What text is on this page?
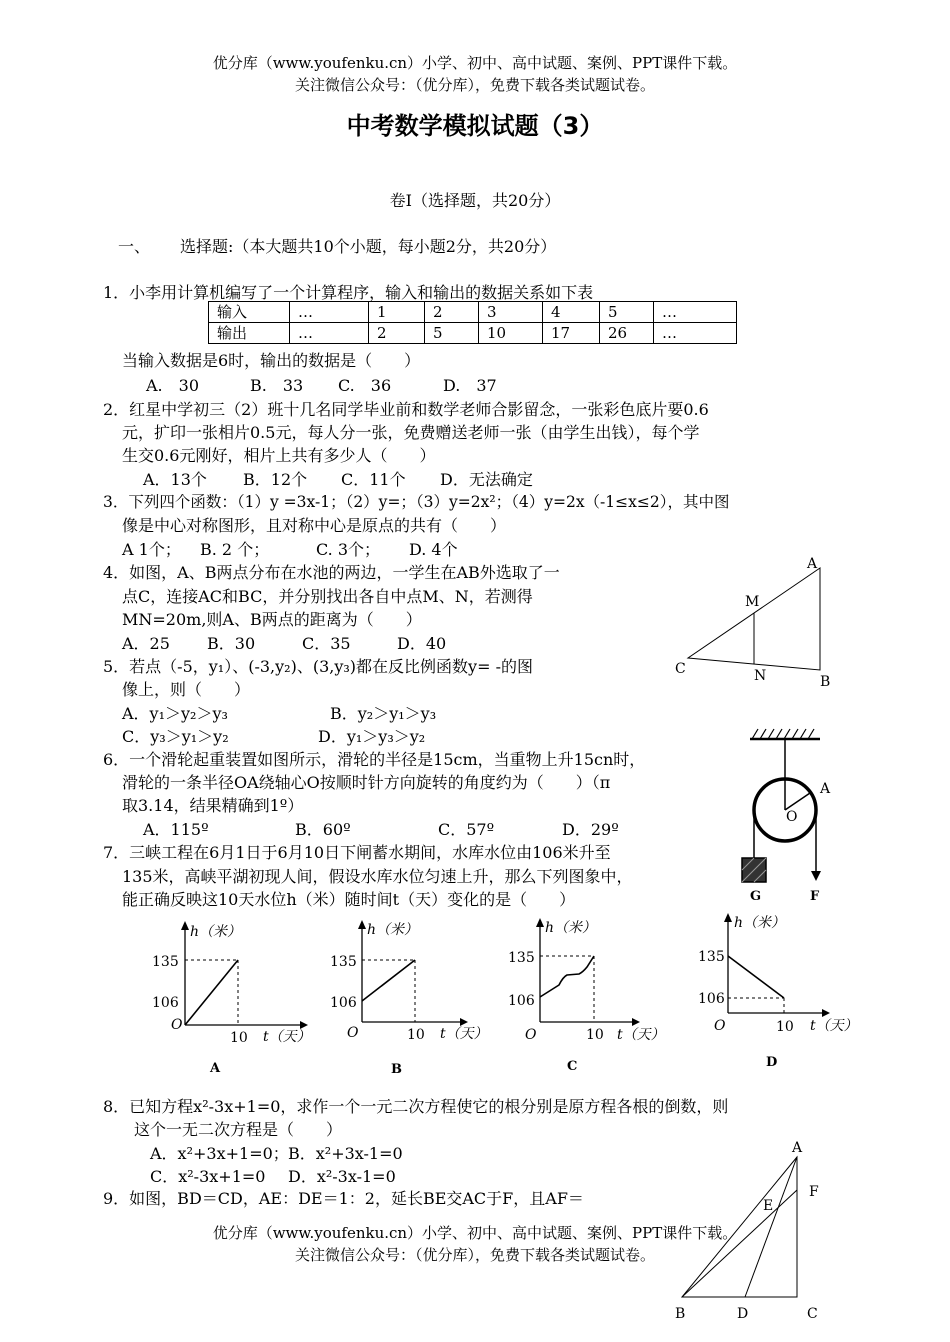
优分库（www.youfenku.cn）小学、初中、高中试题、案例、PPT课件下载。
关注微信公众号：（优分库），免费下载各类试题试卷。
中考数学模拟试题（3）
卷Ⅰ（选择题，共20分）
一、 选择题:（本大题共10个小题，每小题2分，共20分）
1．小李用计算机编写了一个计算程序，输入和输出的数据关系如下表
输入	…	1	2	3	4	5	…
输出	…	2	5	10	17	26	…
当输入数据是6时，输出的数据是（　　）
A.　30	B.　33 C.　36	D.　37
2．红星中学初三（2）班十几名同学毕业前和数学老师合影留念，一张彩色底片要0.6
元，扩印一张相片0.5元，每人分一张，免费赠送老师一张（由学生出钱），每个学
生交0.6元刚好，相片上共有多少人（　　）
A．13个 B．12个 C．11个 D．无法确定
3．下列四个函数：（1）y =3x-1；（2）y=；（3）y=2x²；（4）y=2x（-1≤x≤2），其中图
像是中心对称图形，且对称中心是原点的共有（　　）
A 1个； B. 2 个；	C. 3个； D. 4个
4．如图，A、B两点分布在水池的两边，一学生在AB外选取了一
点C，连接AC和BC，并分别找出各自中点M、N，若测得
MN=20m,则A、B两点的距离为（　　）
A．25 B．30	C．35	D．40
A
M
C	N	B
5．若点（-5，y₁）、(-3,y₂)、(3,y₃)都在反比例函数y= -的图
像上，则（　　）
A．y₁＞y₂＞y₃	B．y₂＞y₁＞y₃
C．y₃＞y₁＞y₂	D．y₁＞y₃＞y₂
6．一个滑轮起重装置如图所示，滑轮的半径是15cm，当重物上升15cn时，
滑轮的一条半径OA绕轴心O按顺时针方向旋转的角度约为（　　）（π
取3.14，结果精确到1º）
A．115º	B．60º	C．57º	D．29º
O
A
G	F
7．三峡工程在6月1日于6月10日下闸蓄水期间，水库水位由106米升至
135米，高峡平湖初现人间，假设水库水位匀速上升，那么下列图象中，
能正确反映这10天水位h（米）随时间t（天）变化的是（　　）
h（米）
135
106
O
10 t（天）
A
h（米）
135
106
O	10 t（天）
B
h（米）
135
106
O	10 t（天）
C
h（米）
135
106
O	10 t（天）
D
8．已知方程x²-3x+1=0，求作一个一元二次方程使它的根分别是原方程各根的倒数，则
这个一无二次方程是（　　）
A．x²+3x+1=0； B．x²+3x-1=0
C．x²-3x+1=0 D．x²-3x-1=0
9．如图，BD＝CD，AE：DE＝1：2，延长BE交AC于F，且AF＝
A
F
E
B	D	C
优分库（www.youfenku.cn）小学、初中、高中试题、案例、PPT课件下载。
关注微信公众号：（优分库），免费下载各类试题试卷。
